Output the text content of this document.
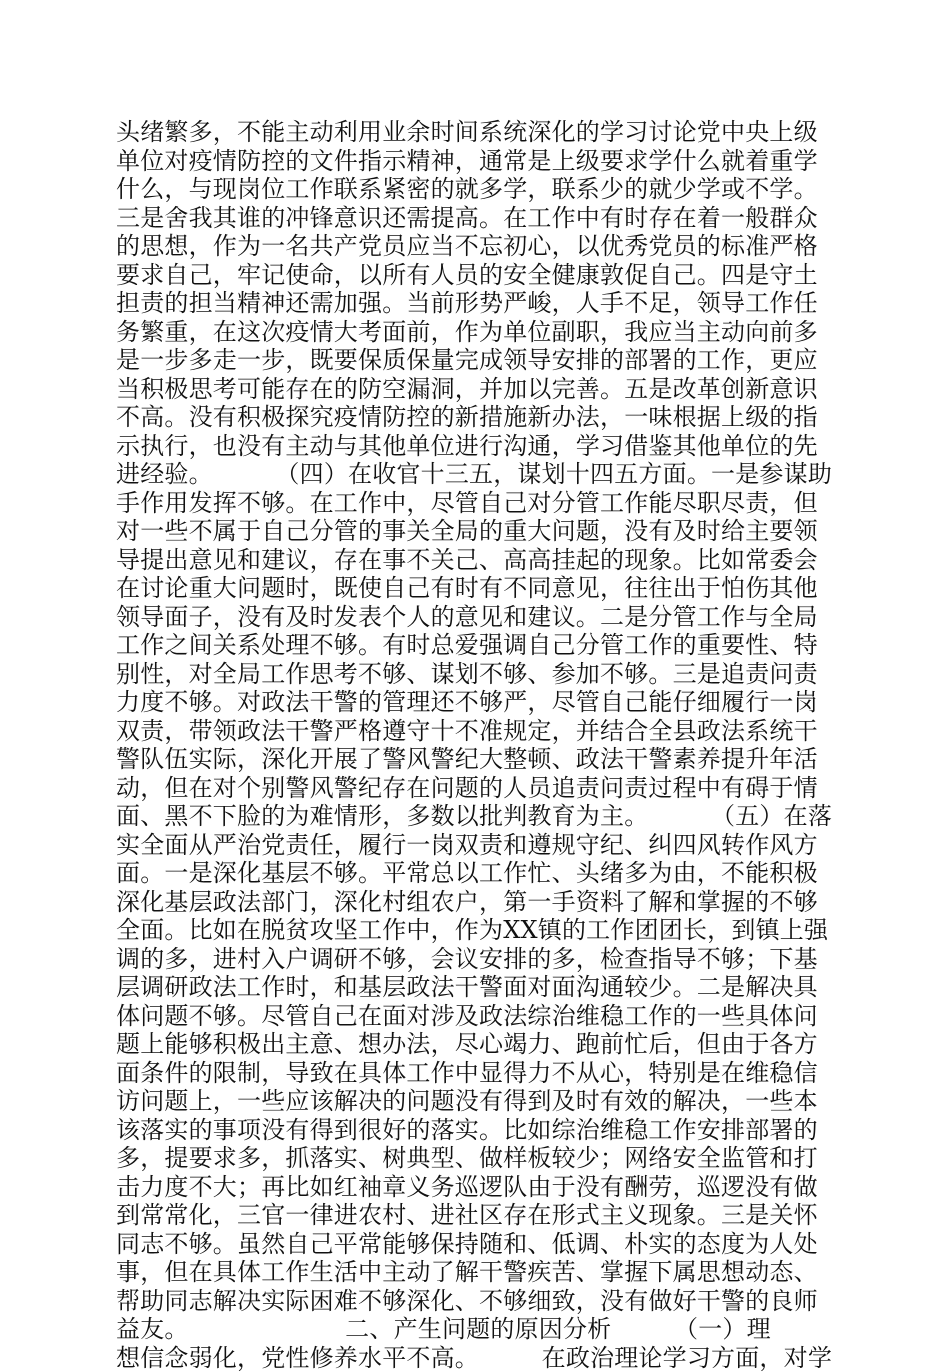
头绪繁多，不能主动利用业余时间系统深化的学习讨论党中央上级
单位对疫情防控的文件指示精神，通常是上级要求学什么就着重学
什么，与现岗位工作联系紧密的就多学，联系少的就少学或不学。
三是舍我其谁的冲锋意识还需提高。在工作中有时存在着一般群众
的思想，作为一名共产党员应当不忘初心，以优秀党员的标准严格
要求自己，牢记使命，以所有人员的安全健康敦促自己。四是守土
担责的担当精神还需加强。当前形势严峻，人手不足，领导工作任
务繁重，在这次疫情大考面前，作为单位副职，我应当主动向前多
是一步多走一步，既要保质保量完成领导安排的部署的工作，更应
当积极思考可能存在的防空漏洞，并加以完善。五是改革创新意识
不高。没有积极探究疫情防控的新措施新办法，一味根据上级的指
示执行，也没有主动与其他单位进行沟通，学习借鉴其他单位的先
进经验。        （四）在收官十三五，谋划十四五方面。一是参谋助
手作用发挥不够。在工作中，尽管自己对分管工作能尽职尽责，但
对一些不属于自己分管的事关全局的重大问题，没有及时给主要领
导提出意见和建议，存在事不关己、高高挂起的现象。比如常委会
在讨论重大问题时，既使自己有时有不同意见，往往出于怕伤其他
领导面子，没有及时发表个人的意见和建议。二是分管工作与全局
工作之间关系处理不够。有时总爱强调自己分管工作的重要性、特
别性，对全局工作思考不够、谋划不够、参加不够。三是追责问责
力度不够。对政法干警的管理还不够严，尽管自己能仔细履行一岗
双责，带领政法干警严格遵守十不准规定，并结合全县政法系统干
警队伍实际，深化开展了警风警纪大整顿、政法干警素养提升年活
动，但在对个别警风警纪存在问题的人员追责问责过程中有碍于情
面、黑不下脸的为难情形，多数以批判教育为主。        （五）在落
实全面从严治党责任，履行一岗双责和遵规守纪、纠四风转作风方
面。一是深化基层不够。平常总以工作忙、头绪多为由，不能积极
深化基层政法部门，深化村组农户，第一手资料了解和掌握的不够
全面。比如在脱贫攻坚工作中，作为XX镇的工作团团长，到镇上强
调的多，进村入户调研不够，会议安排的多，检查指导不够；下基
层调研政法工作时，和基层政法干警面对面沟通较少。二是解决具
体问题不够。尽管自己在面对涉及政法综治维稳工作的一些具体问
题上能够积极出主意、想办法，尽心竭力、跑前忙后，但由于各方
面条件的限制，导致在具体工作中显得力不从心，特别是在维稳信
访问题上，一些应该解决的问题没有得到及时有效的解决，一些本
该落实的事项没有得到很好的落实。比如综治维稳工作安排部署的
多，提要求多，抓落实、树典型、做样板较少；网络安全监管和打
击力度不大；再比如红袖章义务巡逻队由于没有酬劳，巡逻没有做
到常常化，三官一律进农村、进社区存在形式主义现象。三是关怀
同志不够。虽然自己平常能够保持随和、低调、朴实的态度为人处
事，但在具体工作生活中主动了解干警疾苦、掌握下属思想动态、
帮助同志解决实际困难不够深化、不够细致，没有做好干警的良师
益友。                    二、产生问题的原因分析        （一）理
想信念弱化，党性修养水平不高。        在政治理论学习方面，对学
